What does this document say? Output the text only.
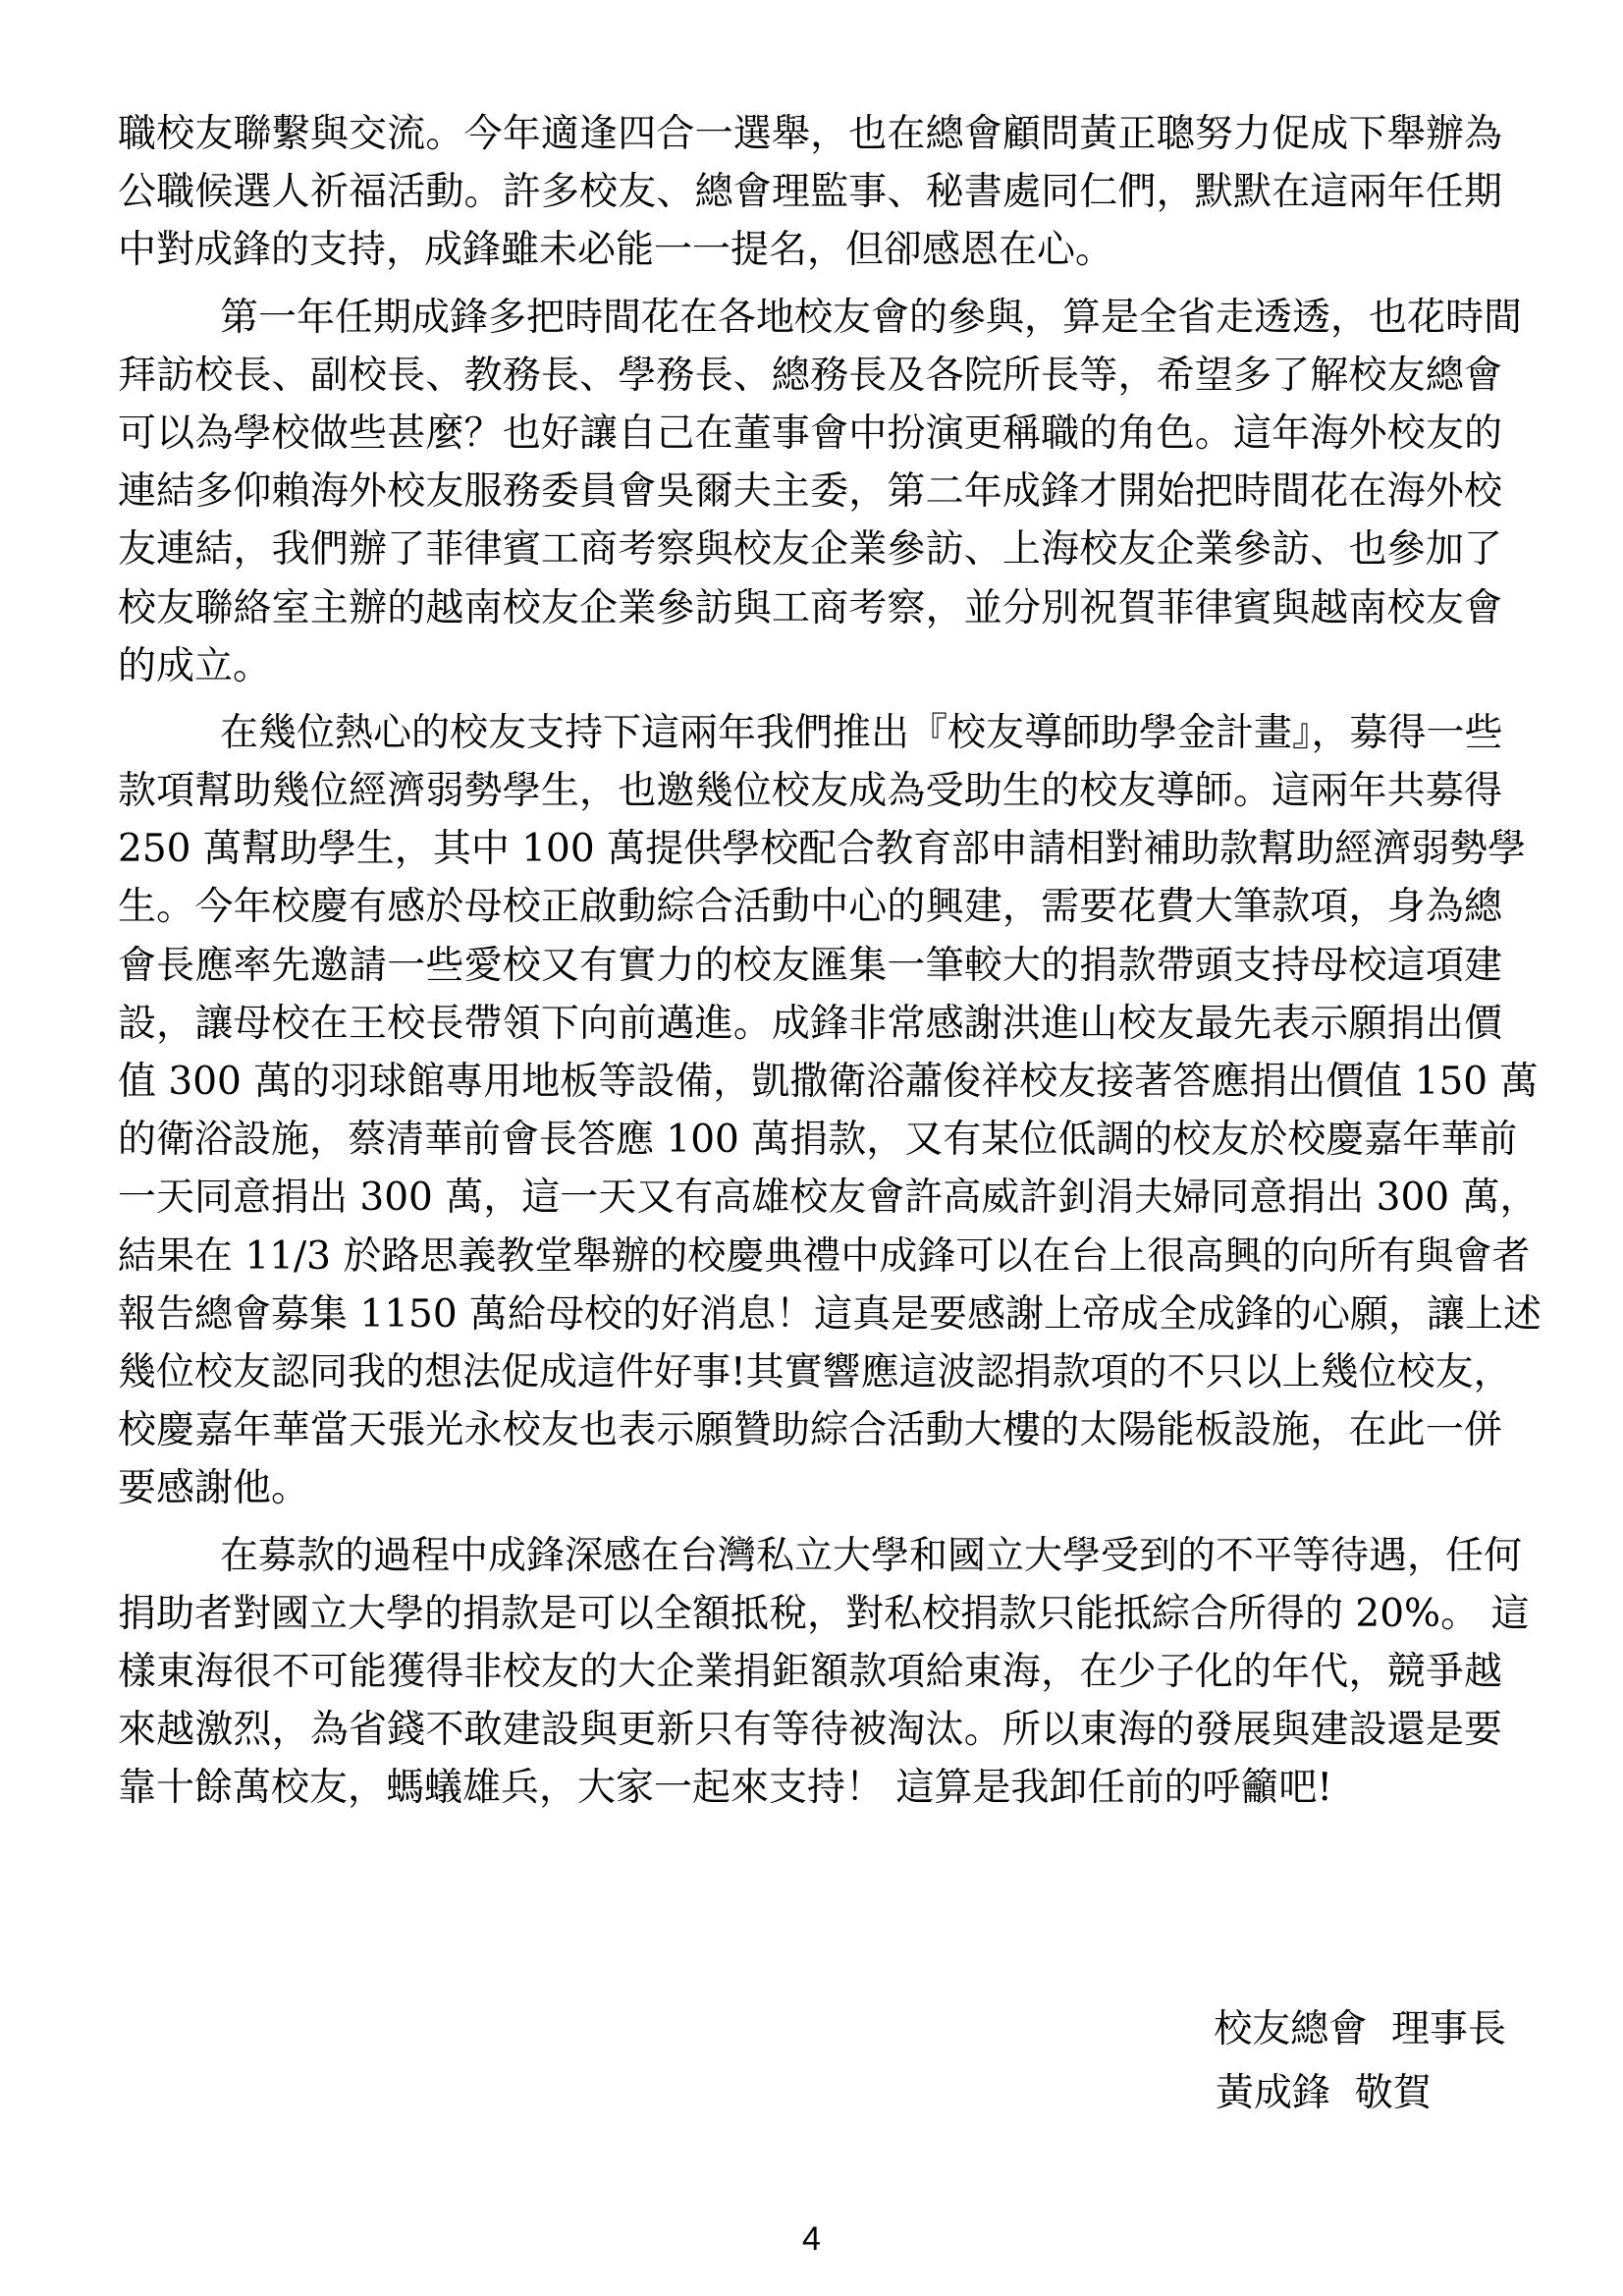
職校友聯繫與交流。今年適逢四合一選舉，也在總會顧問黃正聰努力促成下舉辦為
公職候選人祈福活動。許多校友、總會理監事、秘書處同仁們，默默在這兩年任期
中對成鋒的支持，成鋒雖未必能一一提名，但卻感恩在心。
第一年任期成鋒多把時間花在各地校友會的參與，算是全省走透透，也花時間
拜訪校長、副校長、教務長、學務長、總務長及各院所長等，希望多了解校友總會
可以為學校做些甚麼？也好讓自己在董事會中扮演更稱職的角色。這年海外校友的
連結多仰賴海外校友服務委員會吳爾夫主委，第二年成鋒才開始把時間花在海外校
友連結，我們辦了菲律賓工商考察與校友企業參訪、上海校友企業參訪、也參加了
校友聯絡室主辦的越南校友企業參訪與工商考察，並分別祝賀菲律賓與越南校友會
的成立。
在幾位熱心的校友支持下這兩年我們推出『校友導師助學金計畫』，募得一些
款項幫助幾位經濟弱勢學生，也邀幾位校友成為受助生的校友導師。這兩年共募得
250 萬幫助學生，其中 100 萬提供學校配合教育部申請相對補助款幫助經濟弱勢學
生。今年校慶有感於母校正啟動綜合活動中心的興建，需要花費大筆款項，身為總
會長應率先邀請一些愛校又有實力的校友匯集一筆較大的捐款帶頭支持母校這項建
設，讓母校在王校長帶領下向前邁進。成鋒非常感謝洪進山校友最先表示願捐出價
值 300 萬的羽球館專用地板等設備，凱撒衛浴蕭俊祥校友接著答應捐出價值 150 萬
的衛浴設施，蔡清華前會長答應 100 萬捐款，又有某位低調的校友於校慶嘉年華前
一天同意捐出 300 萬，這一天又有高雄校友會許高威許釗涓夫婦同意捐出 300 萬，
結果在 11/3 於路思義教堂舉辦的校慶典禮中成鋒可以在台上很高興的向所有與會者
報告總會募集 1150 萬給母校的好消息！這真是要感謝上帝成全成鋒的心願，讓上述
幾位校友認同我的想法促成這件好事!其實響應這波認捐款項的不只以上幾位校友，
校慶嘉年華當天張光永校友也表示願贊助綜合活動大樓的太陽能板設施，在此一併
要感謝他。
在募款的過程中成鋒深感在台灣私立大學和國立大學受到的不平等待遇，任何
捐助者對國立大學的捐款是可以全額抵稅，對私校捐款只能抵綜合所得的 20%。 這
樣東海很不可能獲得非校友的大企業捐鉅額款項給東海，在少子化的年代，競爭越
來越激烈，為省錢不敢建設與更新只有等待被淘汰。所以東海的發展與建設還是要
靠十餘萬校友，螞蟻雄兵，大家一起來支持！ 這算是我卸任前的呼籲吧!
校友總會  理事長
黃成鋒  敬賀
4
